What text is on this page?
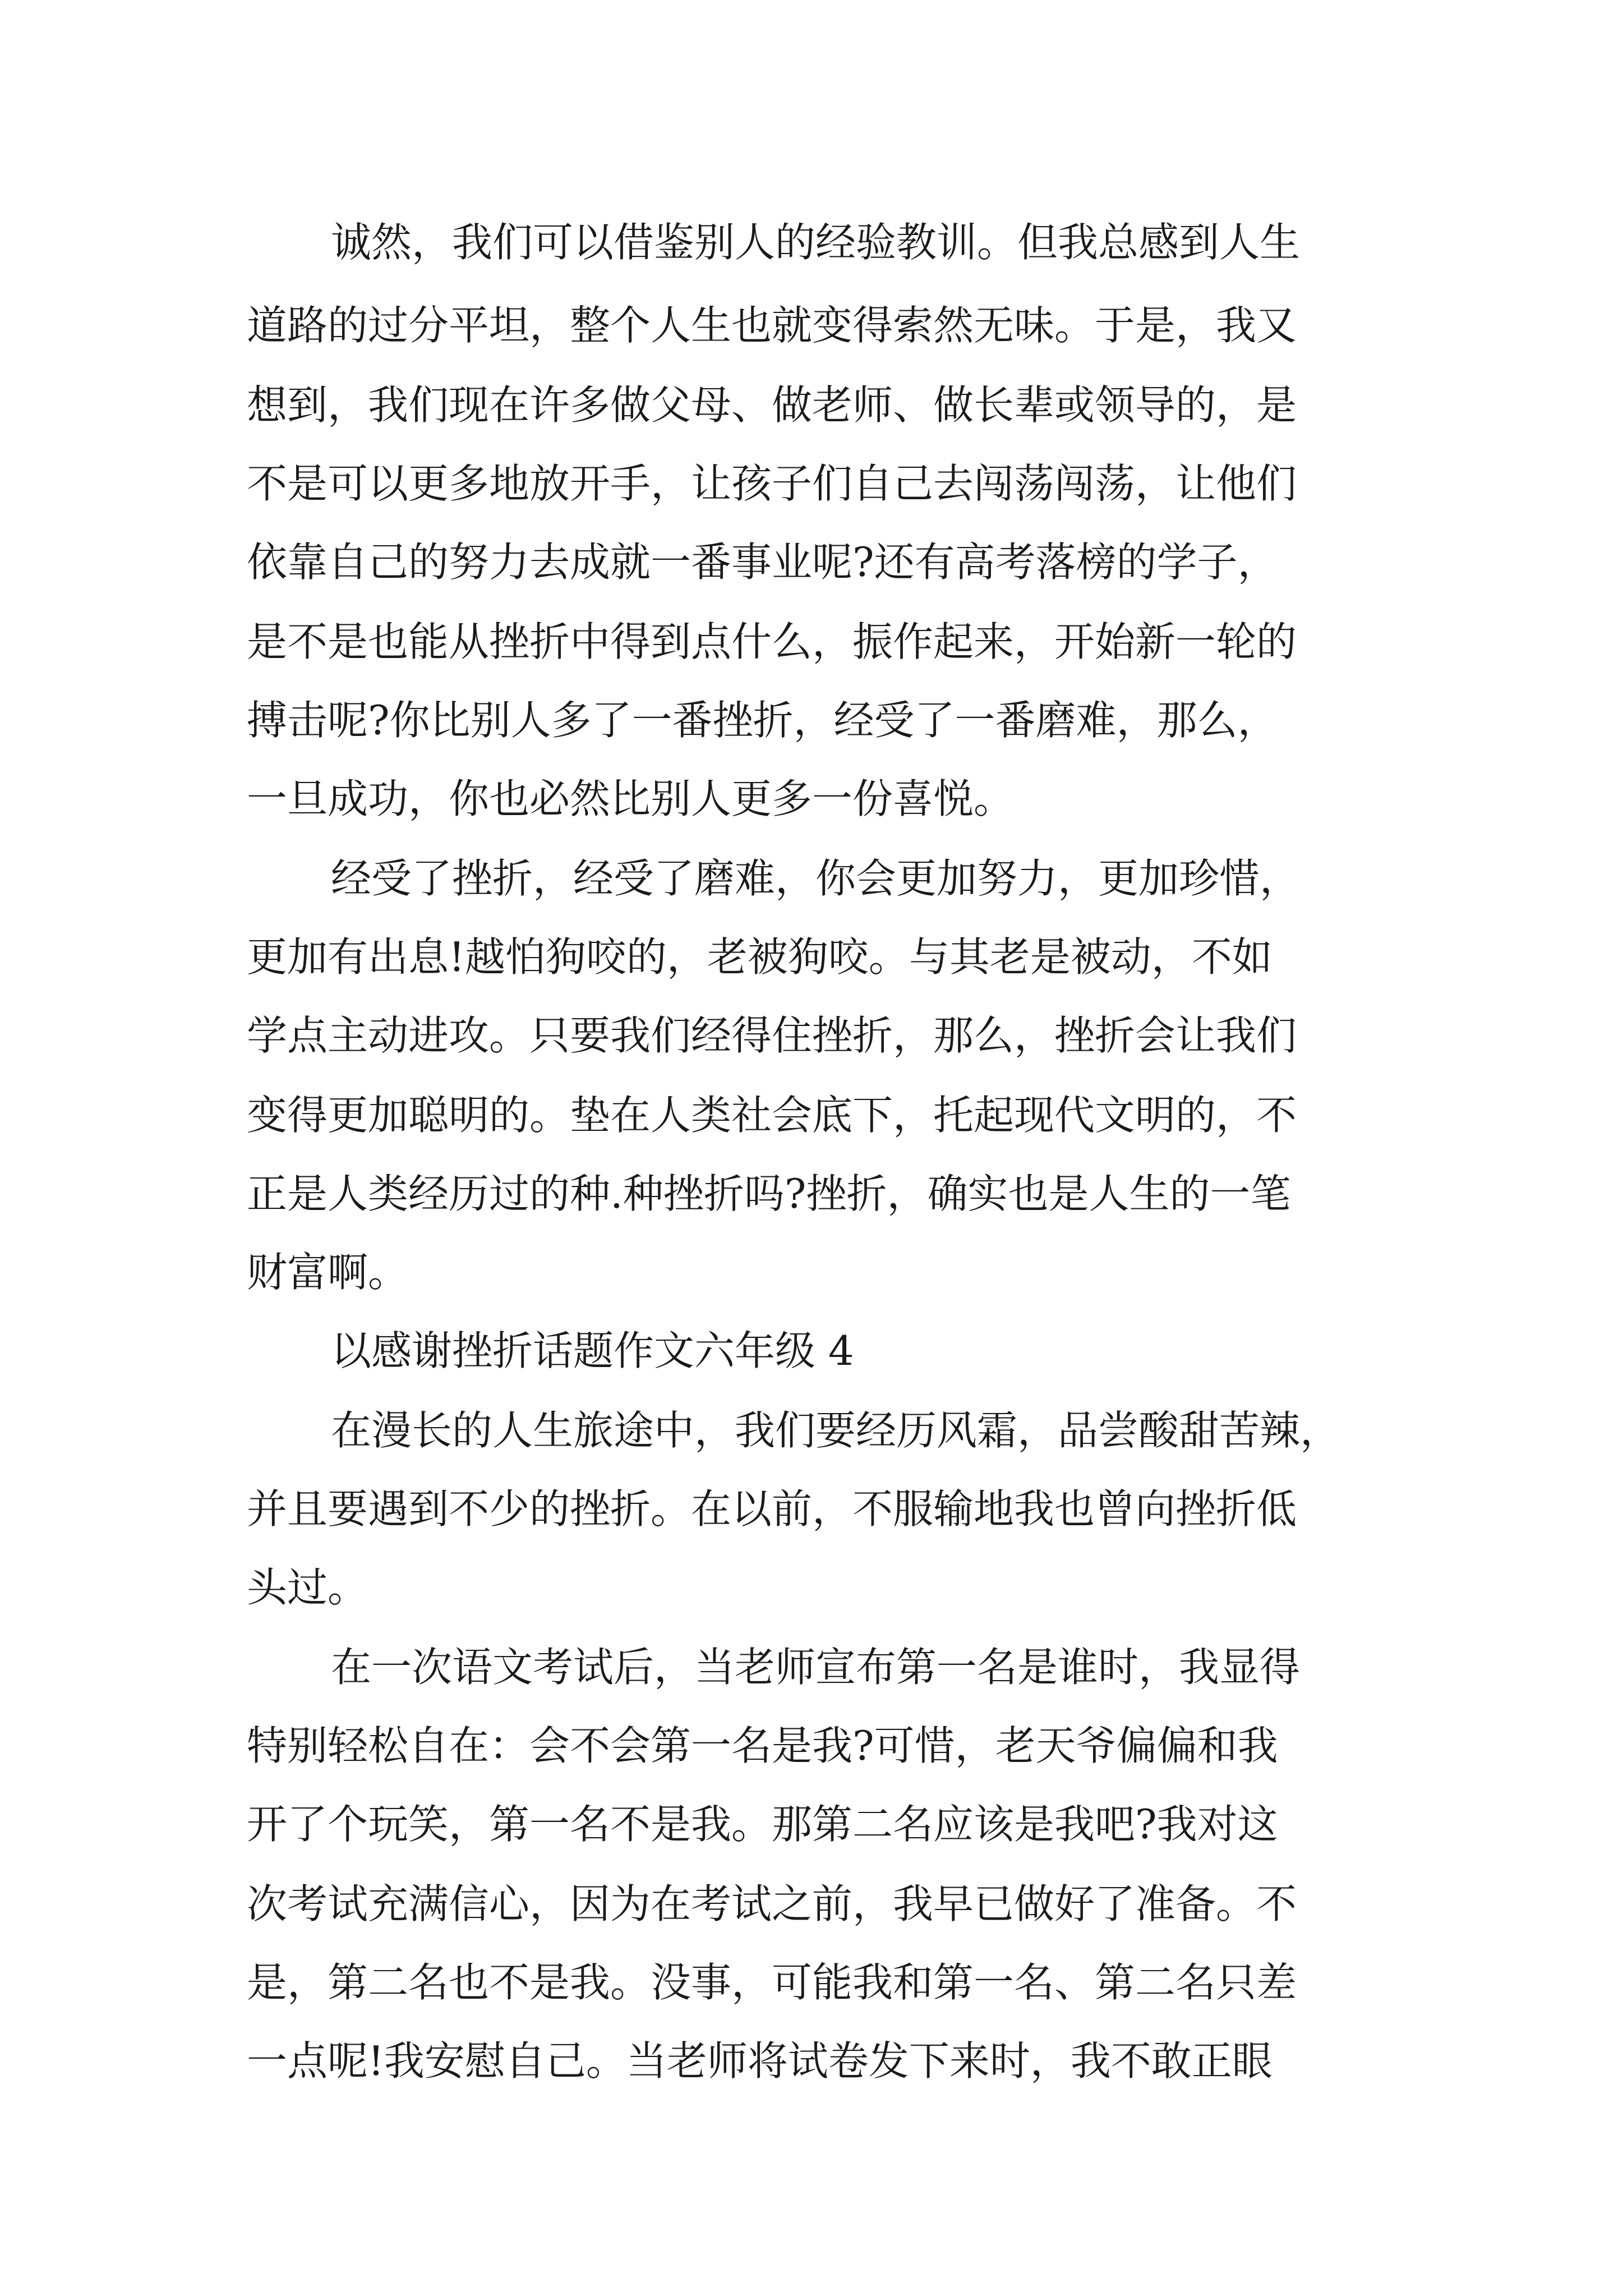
诚然，我们可以借鉴别人的经验教训。但我总感到人生
道路的过分平坦，整个人生也就变得索然无味。于是，我又
想到，我们现在许多做父母、做老师、做长辈或领导的，是
不是可以更多地放开手，让孩子们自己去闯荡闯荡，让他们
依靠自己的努力去成就一番事业呢?还有高考落榜的学子，
是不是也能从挫折中得到点什么，振作起来，开始新一轮的
搏击呢?你比别人多了一番挫折，经受了一番磨难，那么，
一旦成功，你也必然比别人更多一份喜悦。
经受了挫折，经受了磨难，你会更加努力，更加珍惜，
更加有出息!越怕狗咬的，老被狗咬。与其老是被动，不如
学点主动进攻。只要我们经得住挫折，那么，挫折会让我们
变得更加聪明的。垫在人类社会底下，托起现代文明的，不
正是人类经历过的种.种挫折吗?挫折，确实也是人生的一笔
财富啊。
以感谢挫折话题作文六年级 4
在漫长的人生旅途中，我们要经历风霜，品尝酸甜苦辣，
并且要遇到不少的挫折。在以前，不服输地我也曾向挫折低
头过。
在一次语文考试后，当老师宣布第一名是谁时，我显得
特别轻松自在：会不会第一名是我?可惜，老天爷偏偏和我
开了个玩笑，第一名不是我。那第二名应该是我吧?我对这
次考试充满信心，因为在考试之前，我早已做好了准备。不
是，第二名也不是我。没事，可能我和第一名、第二名只差
一点呢!我安慰自己。当老师将试卷发下来时，我不敢正眼
